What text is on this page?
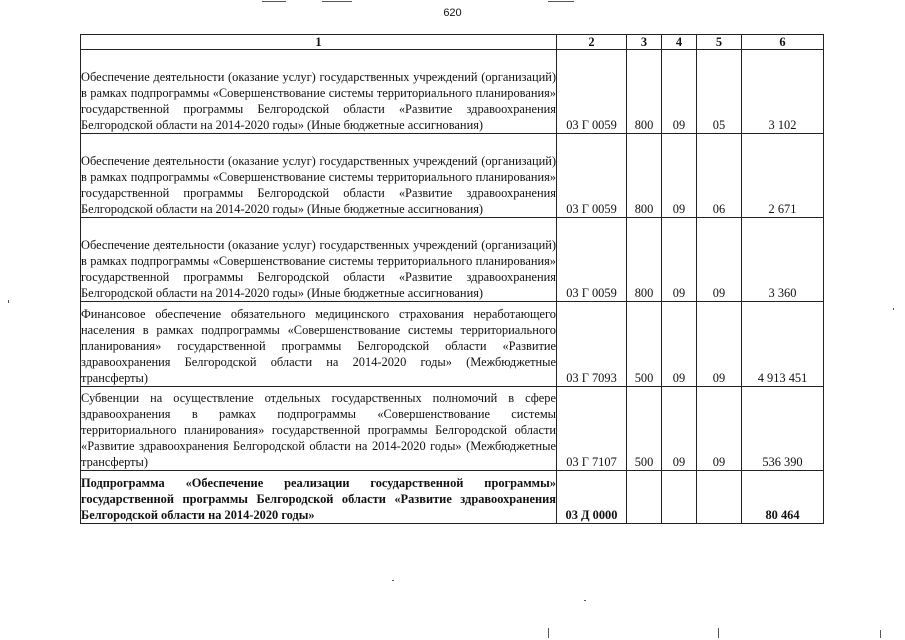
620
1	2	3	4	5	6
Обеспечение деятельности (оказание услуг) государственных учреждений (организаций) в рамках подпрограммы «Совершенствование системы территориального планирования» государственной программы Белгородской области «Развитие здравоохранения Белгородской области на 2014-2020 годы» (Иные бюджетные ассигнования)	03 Г 0059	800	09	05	3 102
Обеспечение деятельности (оказание услуг) государственных учреждений (организаций) в рамках подпрограммы «Совершенствование системы территориального планирования» государственной программы Белгородской области «Развитие здравоохранения Белгородской области на 2014-2020 годы» (Иные бюджетные ассигнования)	03 Г 0059	800	09	06	2 671
Обеспечение деятельности (оказание услуг) государственных учреждений (организаций) в рамках подпрограммы «Совершенствование системы территориального планирования» государственной программы Белгородской области «Развитие здравоохранения Белгородской области на 2014-2020 годы» (Иные бюджетные ассигнования)	03 Г 0059	800	09	09	3 360
Финансовое обеспечение обязательного медицинского страхования неработающего населения в рамках подпрограммы «Совершенствование системы территориального планирования» государственной программы Белгородской области «Развитие здравоохранения Белгородской области на 2014-2020 годы» (Межбюджетные трансферты)	03 Г 7093	500	09	09	4 913 451
Субвенции на осуществление отдельных государственных полномочий в сфере здравоохранения в рамках подпрограммы «Совершенствование системы территориального планирования» государственной программы Белгородской области «Развитие здравоохранения Белгородской области на 2014-2020 годы» (Межбюджетные трансферты)	03 Г 7107	500	09	09	536 390
Подпрограмма «Обеспечение реализации государственной программы» государственной программы Белгородской области «Развитие здравоохранения Белгородской области на 2014-2020 годы»	03 Д 0000				80 464
